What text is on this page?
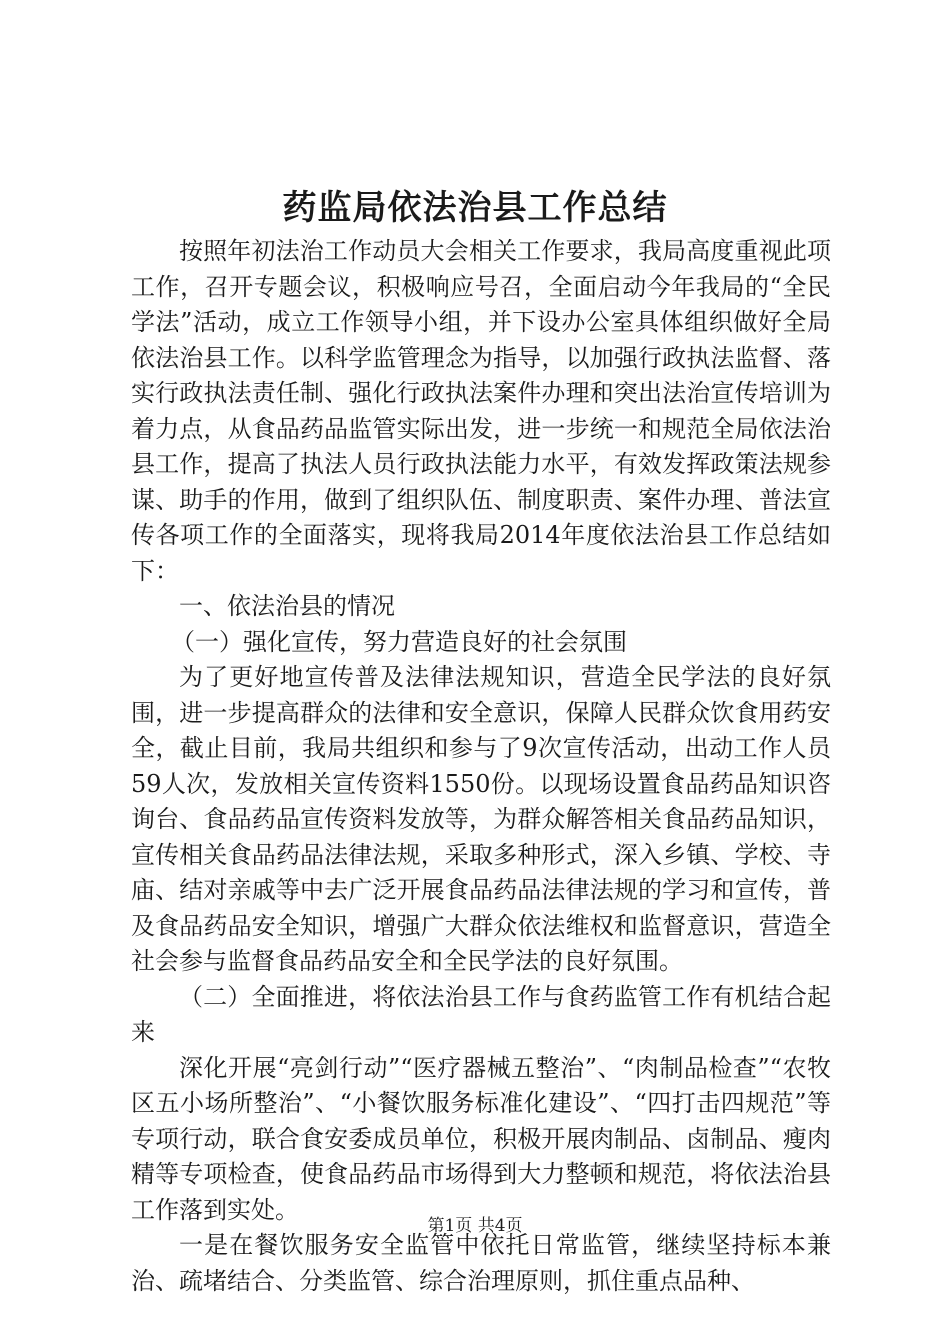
药监局依法治县工作总结

按照年初法治工作动员大会相关工作要求，我局高度重视此项工作，召开专题会议，积极响应号召，全面启动今年我局的“全民学法”活动，成立工作领导小组，并下设办公室具体组织做好全局依法治县工作。以科学监管理念为指导，以加强行政执法监督、落实行政执法责任制、强化行政执法案件办理和突出法治宣传培训为着力点，从食品药品监管实际出发，进一步统一和规范全局依法治县工作，提高了执法人员行政执法能力水平，有效发挥政策法规参谋、助手的作用，做到了组织队伍、制度职责、案件办理、普法宣传各项工作的全面落实，现将我局2014年度依法治县工作总结如下：

一、依法治县的情况

（一）强化宣传，努力营造良好的社会氛围

为了更好地宣传普及法律法规知识，营造全民学法的良好氛围，进一步提高群众的法律和安全意识，保障人民群众饮食用药安全，截止目前，我局共组织和参与了9次宣传活动，出动工作人员59人次，发放相关宣传资料1550份。以现场设置食品药品知识咨询台、食品药品宣传资料发放等，为群众解答相关食品药品知识，宣传相关食品药品法律法规，采取多种形式，深入乡镇、学校、寺庙、结对亲戚等中去广泛开展食品药品法律法规的学习和宣传，普及食品药品安全知识，增强广大群众依法维权和监督意识，营造全社会参与监督食品药品安全和全民学法的良好氛围。

（二）全面推进，将依法治县工作与食药监管工作有机结合起来

深化开展“亮剑行动”“医疗器械五整治”、“肉制品检查”“农牧区五小场所整治”、“小餐饮服务标准化建设”、“四打击四规范”等专项行动，联合食安委成员单位，积极开展肉制品、卤制品、瘦肉精等专项检查，使食品药品市场得到大力整顿和规范，将依法治县工作落到实处。

一是在餐饮服务安全监管中依托日常监管，继续坚持标本兼治、疏堵结合、分类监管、综合治理原则，抓住重点品种、

第1页 共4页
